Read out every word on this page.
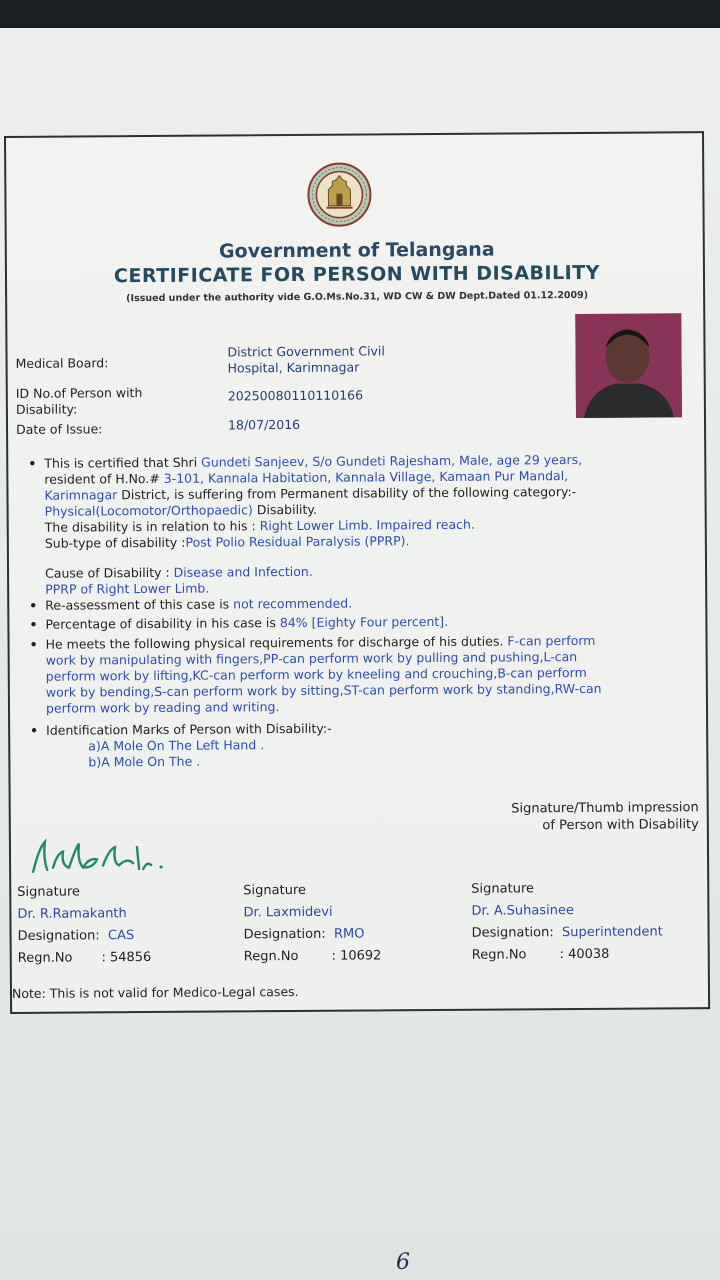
Government of Telangana
CERTIFICATE FOR PERSON WITH DISABILITY
(Issued under the authority vide G.O.Ms.No.31, WD CW & DW Dept.Dated 01.12.2009)
Medical Board:
District Government Civil
Hospital, Karimnagar
ID No.of Person with
Disability:
20250080110110166
Date of Issue:	18/07/2016

• This is certified that Shri Gundeti Sanjeev, S/o Gundeti Rajesham, Male, age 29 years,
resident of H.No.# 3-101, Kannala Habitation, Kannala Village, Kamaan Pur Mandal,
Karimnagar District, is suffering from Permanent disability of the following category:-
Physical(Locomotor/Orthopaedic) Disability.
The disability is in relation to his : Right Lower Limb. Impaired reach.
Sub-type of disability :Post Polio Residual Paralysis (PPRP).

Cause of Disability : Disease and Infection.
PPRP of Right Lower Limb.

• Re-assessment of this case is not recommended.

• Percentage of disability in his case is 84% [Eighty Four percent].

• He meets the following physical requirements for discharge of his duties. F-can perform
work by manipulating with fingers,PP-can perform work by pulling and pushing,L-can
perform work by lifting,KC-can perform work by kneeling and crouching,B-can perform
work by bending,S-can perform work by sitting,ST-can perform work by standing,RW-can
perform work by reading and writing.

• Identification Marks of Person with Disability:-
a)A Mole On The Left Hand .
b)A Mole On The .

Signature/Thumb impression
of Person with Disability
Signature
Dr. R.Ramakanth
Designation: CAS
Regn.No : 54856
Signature
Dr. Laxmidevi
Designation: RMO
Regn.No	: 10692
Signature
Dr. A.Suhasinee
Designation: Superintendent
Regn.No	: 40038
Note: This is not valid for Medico-Legal cases.
6
